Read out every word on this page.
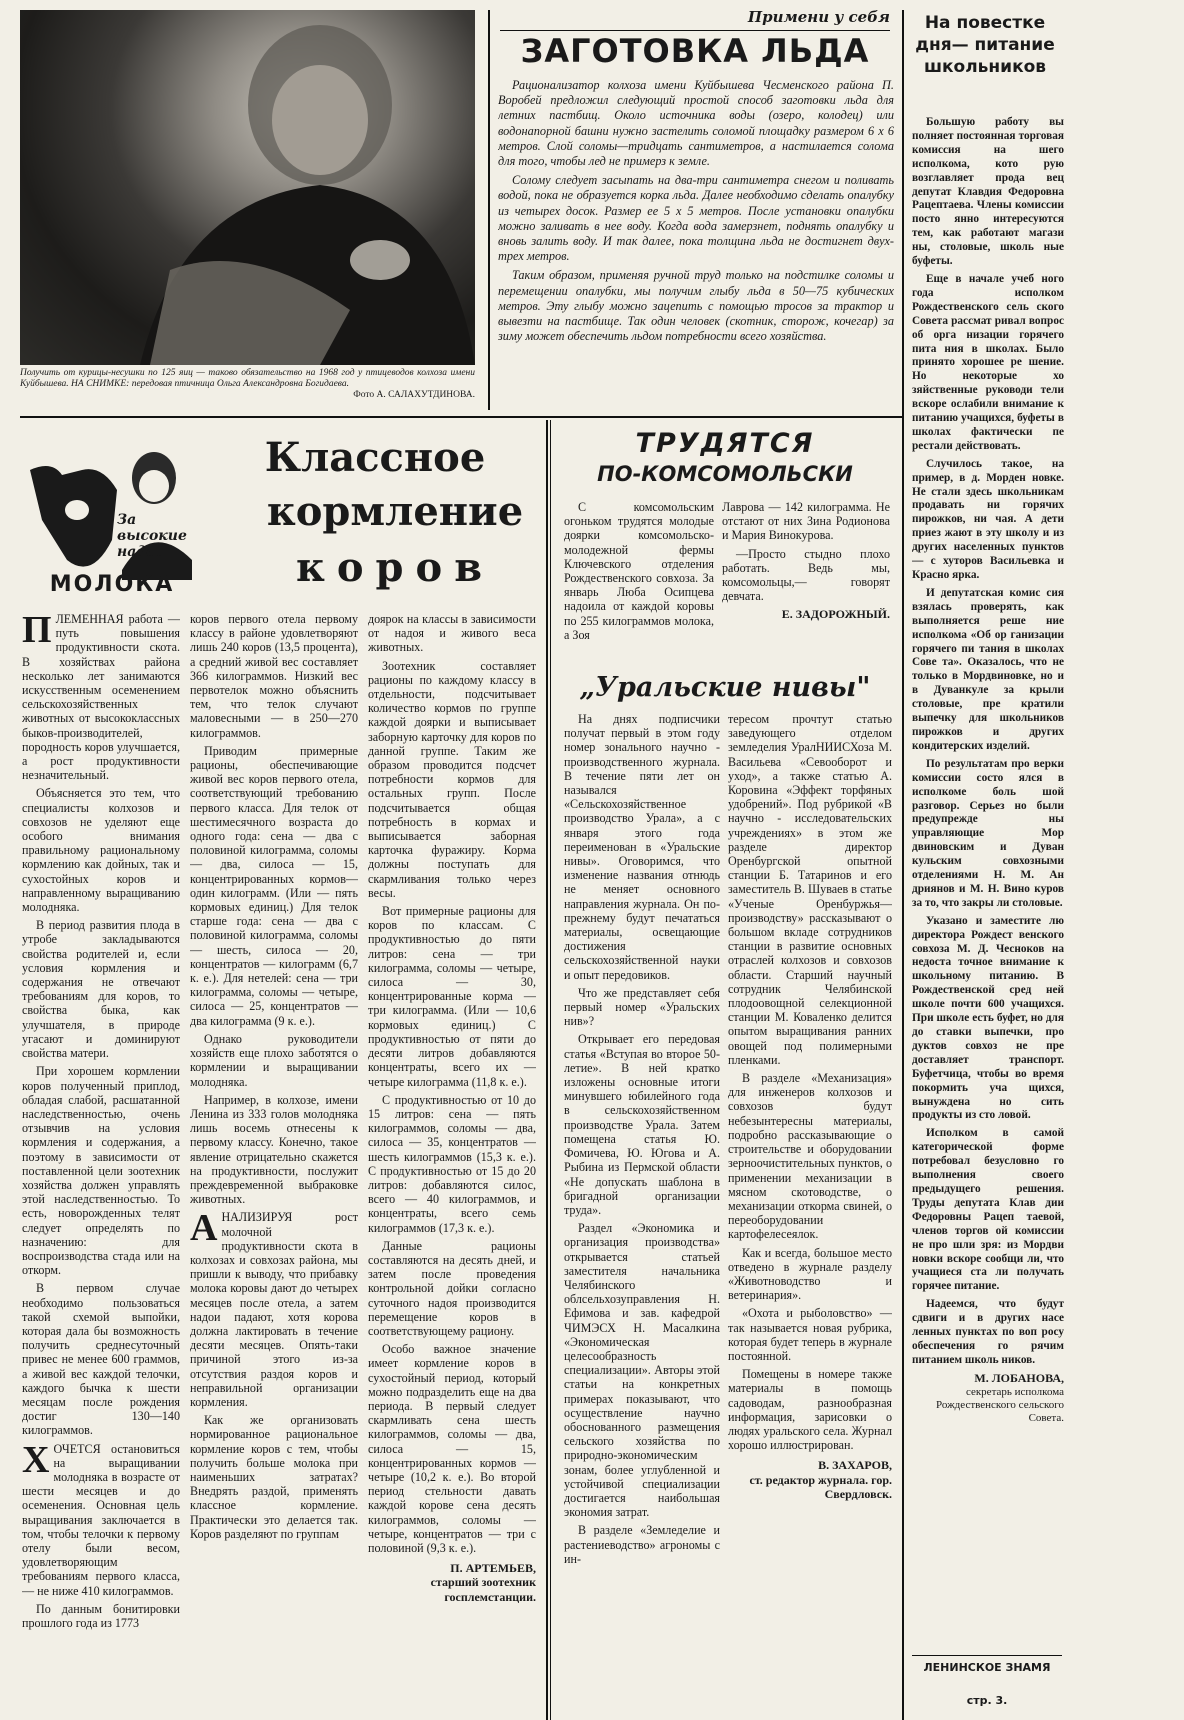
Получить от курицы-несушки по 125 яиц — таково обязательство на 1968 год у птицеводов колхоза имени Куйбышева. НА СНИМКЕ: передовая птичница Ольга Александровна Богидаева.
Фото А. САЛАХУТДИНОВА.
Примени у себя
ЗАГОТОВКА ЛЬДА

Рационализатор колхоза имени Куйбышева Чесменского района П. Воробей предложил следующий простой способ заготовки льда для летних пастбищ. Около источника воды (озеро, колодец) или водонапорной башни нужно застелить соломой площадку размером 6 х 6 метров. Слой соломы—тридцать сантиметров, а настилается солома для того, чтобы лед не примерз к земле.

Солому следует засыпать на два-три сантиметра снегом и поливать водой, пока не образуется корка льда. Далее необходимо сделать опалубку из четырех досок. Размер ее 5 х 5 метров. После установки опалубки можно заливать в нее воду. Когда вода замерзнет, поднять опалубку и вновь залить воду. И так далее, пока толщина льда не достигнет двух-трех метров.

Таким образом, применяя ручной труд только на подстилке соломы и перемещении опалубки, мы получим глыбу льда в 50—75 кубических метров. Эту глыбу можно зацепить с помощью тросов за трактор и вывезти на пастбище. Так один человек (скотник, сторож, кочегар) за зиму может обеспечить льдом потребности всего хозяйства.

На повестке дня— питание школьников

Большую работу вы полняет постоянная торговая комиссия на шего исполкома, кото рую возглавляет прода вец депутат Клавдия Федоровна Рацептаева. Члены комиссии посто янно интересуются тем, как работают магази ны, столовые, школь ные буфеты.

Еще в начале учеб ного года исполком Рождественского сель ского Совета рассмат ривал вопрос об орга низации горячего пита ния в школах. Было принято хорошее ре шение. Но некоторые хо зяйственные руководи тели вскоре ослабили внимание к питанию учащихся, буфеты в школах фактически пе рестали действовать.

Случилось такое, на пример, в д. Морден новке. Не стали здесь школьникам продавать ни горячих пирожков, ни чая. А дети приез жают в эту школу и из других населенных пунктов — с хуторов Васильевка и Красно ярка.

И депутатская комис сия взялась проверять, как выполняется реше ние исполкома «Об ор ганизации горячего пи тания в школах Сове та». Оказалось, что не только в Мордвиновке, но и в Дуванкуле за крыли столовые, пре кратили выпечку для школьников пирожков и других кондитерских изделий.

По результатам про верки комиссии состо ялся в исполкоме боль шой разговор. Серьез но были предупрежде ны управляющие Мор двиновским и Дуван кульским совхозными отделениями Н. М. Ан дриянов и М. Н. Вино куров за то, что закры ли столовые.

Указано и заместите лю директора Рождест венского совхоза М. Д. Чесноков на недоста точное внимание к школьному питанию. В Рождественской сред ней школе почти 600 учащихся. При школе есть буфет, но для до ставки выпечки, про дуктов совхоз не пре доставляет транспорт. Буфетчица, чтобы во время покормить уча щихся, вынуждена но сить продукты из сто ловой.

Исполком в самой категорической форме потребовал безусловно го выполнения своего предыдущего решения. Труды депутата Клав дии Федоровны Рацеп таевой, членов торгов ой комиссии не про шли зря: из Мордви новки вскоре сообщи ли, что учащиеся ста ли получать горячее питание.

Надеемся, что будут сдвиги и в других насе ленных пунктах по воп росу обеспечения го рячим питанием школь ников.

М. ЛОБАНОВА,
секретарь исполкома Рождественского сельского Совета.
ЛЕНИНСКОЕ ЗНАМЯ
стр. 3.
За высокие надои
МОЛОКА
Классное
кормление
коров

ПЛЕМЕННАЯ работа — путь повышения продуктивности скота. В хозяйствах района несколько лет занимаются искусственным осеменением сельскохозяйственных животных от высококлассных быков-производителей, породность коров улучшается, а рост продуктивности незначительный.

Объясняется это тем, что специалисты колхозов и совхозов не уделяют еще особого внимания правильному рациональному кормлению как дойных, так и сухостойных коров и направленному выращиванию молодняка.

В период развития плода в утробе закладываются свойства родителей и, если условия кормления и содержания не отвечают требованиям для коров, то свойства быка, как улучшателя, в природе угасают и доминируют свойства матери.

При хорошем кормлении коров полученный приплод, обладая слабой, расшатанной наследственностью, очень отзывчив на условия кормления и содержания, а поэтому в зависимости от поставленной цели зоотехник хозяйства должен управлять этой наследственностью. То есть, новорожденных телят следует определять по назначению: для воспроизводства стада или на откорм.

В первом случае необходимо пользоваться такой схемой выпойки, которая дала бы возможность получить среднесуточный привес не менее 600 граммов, а живой вес каждой телочки, каждого бычка к шести месяцам после рождения достиг 130—140 килограммов.

ХОЧЕТСЯ остановиться на выращивании молодняка в возрасте от шести месяцев и до осеменения. Основная цель выращивания заключается в том, чтобы телочки к первому отелу были весом, удовлетворяющим требованиям первого класса, — не ниже 410 килограммов.

По данным бонитировки прошлого года из 1773

коров первого отела первому классу в районе удовлетворяют лишь 240 коров (13,5 процента), а средний живой вес составляет 366 килограммов. Низкий вес первотелок можно объяснить тем, что телок случают маловесными — в 250—270 килограммов.

Приводим примерные рационы, обеспечивающие живой вес коров первого отела, соответствующий требованию первого класса. Для телок от шестимесячного возраста до одного года: сена — два с половиной килограмма, соломы — два, силоса — 15, концентрированных кормов—один килограмм. (Или — пять кормовых единиц.) Для телок старше года: сена — два с половиной килограмма, соломы — шесть, силоса — 20, концентратов — килограмм (6,7 к. е.). Для нетелей: сена — три килограмма, соломы — четыре, силоса — 25, концентратов — два килограмма (9 к. е.).

Однако руководители хозяйств еще плохо заботятся о кормлении и выращивании молодняка.

Например, в колхозе, имени Ленина из 333 голов молодняка лишь восемь отнесены к первому классу. Конечно, такое явление отрицательно скажется на продуктивности, послужит преждевременной выбраковке животных.

АНАЛИЗИРУЯ рост молочной продуктивности скота в колхозах и совхозах района, мы пришли к выводу, что прибавку молока коровы дают до четырех месяцев после отела, а затем надои падают, хотя корова должна лактировать в течение десяти месяцев. Опять-таки причиной этого из-за отсутствия раздоя коров и неправильной организации кормления.

Как же организовать нормированное рациональное кормление коров с тем, чтобы получить больше молока при наименьших затратах? Внедрять раздой, применять классное кормление. Практически это делается так. Коров разделяют по группам

доярок на классы в зависимости от надоя и живого веса животных.

Зоотехник составляет рационы по каждому классу в отдельности, подсчитывает количество кормов по группе каждой доярки и выписывает заборную карточку для коров по данной группе. Таким же образом проводится подсчет потребности кормов для остальных групп. После подсчитывается общая потребность в кормах и выписывается заборная карточка фуражиру. Корма должны поступать для скармливания только через весы.

Вот примерные рационы для коров по классам. С продуктивностью до пяти литров: сена — три килограмма, соломы — четыре, силоса — 30, концентрированные корма — три килограмма. (Или — 10,6 кормовых единиц.) С продуктивностью от пяти до десяти литров добавляются концентраты, всего их — четыре килограмма (11,8 к. е.).

С продуктивностью от 10 до 15 литров: сена — пять килограммов, соломы — два, силоса — 35, концентратов — шесть килограммов (15,3 к. е.). С продуктивностью от 15 до 20 литров: добавляются силос, всего — 40 килограммов, и концентраты, всего семь килограммов (17,3 к. е.).

Данные рационы составляются на десять дней, и затем после проведения контрольной дойки согласно суточного надоя производится перемещение коров в соответствующему рациону.

Особо важное значение имеет кормление коров в сухостойный период, который можно подразделить еще на два периода. В первый следует скармливать сена шесть килограммов, соломы — два, силоса — 15, концентрированных кормов — четыре (10,2 к. е.). Во второй период стельности давать каждой корове сена десять килограммов, соломы — четыре, концентратов — три с половиной (9,3 к. е.).

П. АРТЕМЬЕВ,
старший зоотехник госплемстанции.
ТРУДЯТСЯ
ПО-КОМСОМОЛЬСКИ

С комсомольским огоньком трудятся молодые доярки комсомольско-молодежной фермы Ключевского отделения Рождественского совхоза. За январь Люба Осипцева надоила от каждой коровы по 255 килограммов молока, а Зоя

Лаврова — 142 килограмма. Не отстают от них Зина Родионова и Мария Винокурова.

—Просто стыдно плохо работать. Ведь мы, комсомольцы,— говорят девчата.

Е. ЗАДОРОЖНЫЙ.
„Уральские нивы"

На днях подписчики получат первый в этом году номер зонального научно - производственного журнала. В течение пяти лет он назывался «Сельскохозяйственное производство Урала», а с января этого года переименован в «Уральские нивы». Оговоримся, что изменение названия отнюдь не меняет основного направления журнала. Он по-прежнему будут печататься материалы, освещающие достижения сельскохозяйственной науки и опыт передовиков.

Что же представляет себя первый номер «Уральских нив»?

Открывает его передовая статья «Вступая во второе 50-летие». В ней кратко изложены основные итоги минувшего юбилейного года в сельскохозяйственном производстве Урала. Затем помещена статья Ю. Фомичева, Ю. Югова и А. Рыбина из Пермской области «Не допускать шаблона в бригадной организации труда».

Раздел «Экономика и организация производства» открывается статьей заместителя начальника Челябинского облсельхозуправления Н. Ефимова и зав. кафедрой ЧИМЭСХ Н. Масалкина «Экономическая целесообразность специализации». Авторы этой статьи на конкретных примерах показывают, что осуществление научно обоснованного размещения сельского хозяйства по природно-экономическим зонам, более углубленной и устойчивой специализации достигается наибольшая экономия затрат.

В разделе «Земледелие и растениеводство» агрономы с ин-

тересом прочтут статью заведующего отделом земледелия УралНИИСХоза М. Васильева «Севооборот и уход», а также статью А. Коровина «Эффект торфяных удобрений». Под рубрикой «В научно - исследовательских учреждениях» в этом же разделе директор Оренбургской опытной станции Б. Татаринов и его заместитель В. Шуваев в статье «Ученые Оренбуржья—производству» рассказывают о большом вкладе сотрудников станции в развитие основных отраслей колхозов и совхозов области. Старший научный сотрудник Челябинской плодоовощной селекционной станции М. Коваленко делится опытом выращивания ранних овощей под полимерными пленками.

В разделе «Механизация» для инженеров колхозов и совхозов будут небезынтересны материалы, подробно рассказывающие о строительстве и оборудовании зерноочистительных пунктов, о применении механизации в мясном скотоводстве, о механизации откорма свиней, о переоборудовании картофелесеялок.

Как и всегда, большое место отведено в журнале разделу «Животноводство и ветеринария».

«Охота и рыболовство» — так называется новая рубрика, которая будет теперь в журнале постоянной.

Помещены в номере также материалы в помощь садоводам, разнообразная информация, зарисовки о людях уральского села. Журнал хорошо иллюстрирован.

В. ЗАХАРОВ,
ст. редактор журнала. гор. Свердловск.
